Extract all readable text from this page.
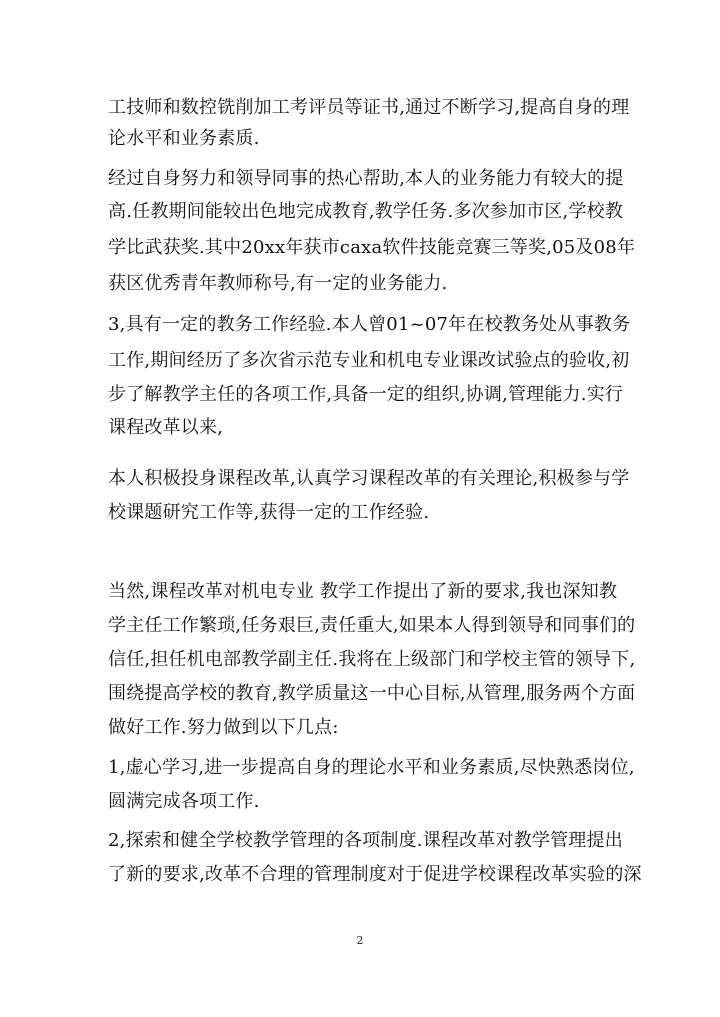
工技师和数控铣削加工考评员等证书,通过不断学习,提高自身的理
论水平和业务素质.
经过自身努力和领导同事的热心帮助,本人的业务能力有较大的提
高.任教期间能较出色地完成教育,教学任务.多次参加市区,学校教
学比武获奖.其中20xx年获市caxa软件技能竞赛三等奖,05及08年
获区优秀青年教师称号,有一定的业务能力.
3,具有一定的教务工作经验.本人曾01~07年在校教务处从事教务
工作,期间经历了多次省示范专业和机电专业课改试验点的验收,初
步了解教学主任的各项工作,具备一定的组织,协调,管理能力.实行
课程改革以来,
本人积极投身课程改革,认真学习课程改革的有关理论,积极参与学
校课题研究工作等,获得一定的工作经验.
当然,课程改革对机电专业 教学工作提出了新的要求,我也深知教
学主任工作繁琐,任务艰巨,责任重大,如果本人得到领导和同事们的
信任,担任机电部教学副主任.我将在上级部门和学校主管的领导下,
围绕提高学校的教育,教学质量这一中心目标,从管理,服务两个方面
做好工作.努力做到以下几点:
1,虚心学习,进一步提高自身的理论水平和业务素质,尽快熟悉岗位,
圆满完成各项工作.
2,探索和健全学校教学管理的各项制度.课程改革对教学管理提出
了新的要求,改革不合理的管理制度对于促进学校课程改革实验的深
2
